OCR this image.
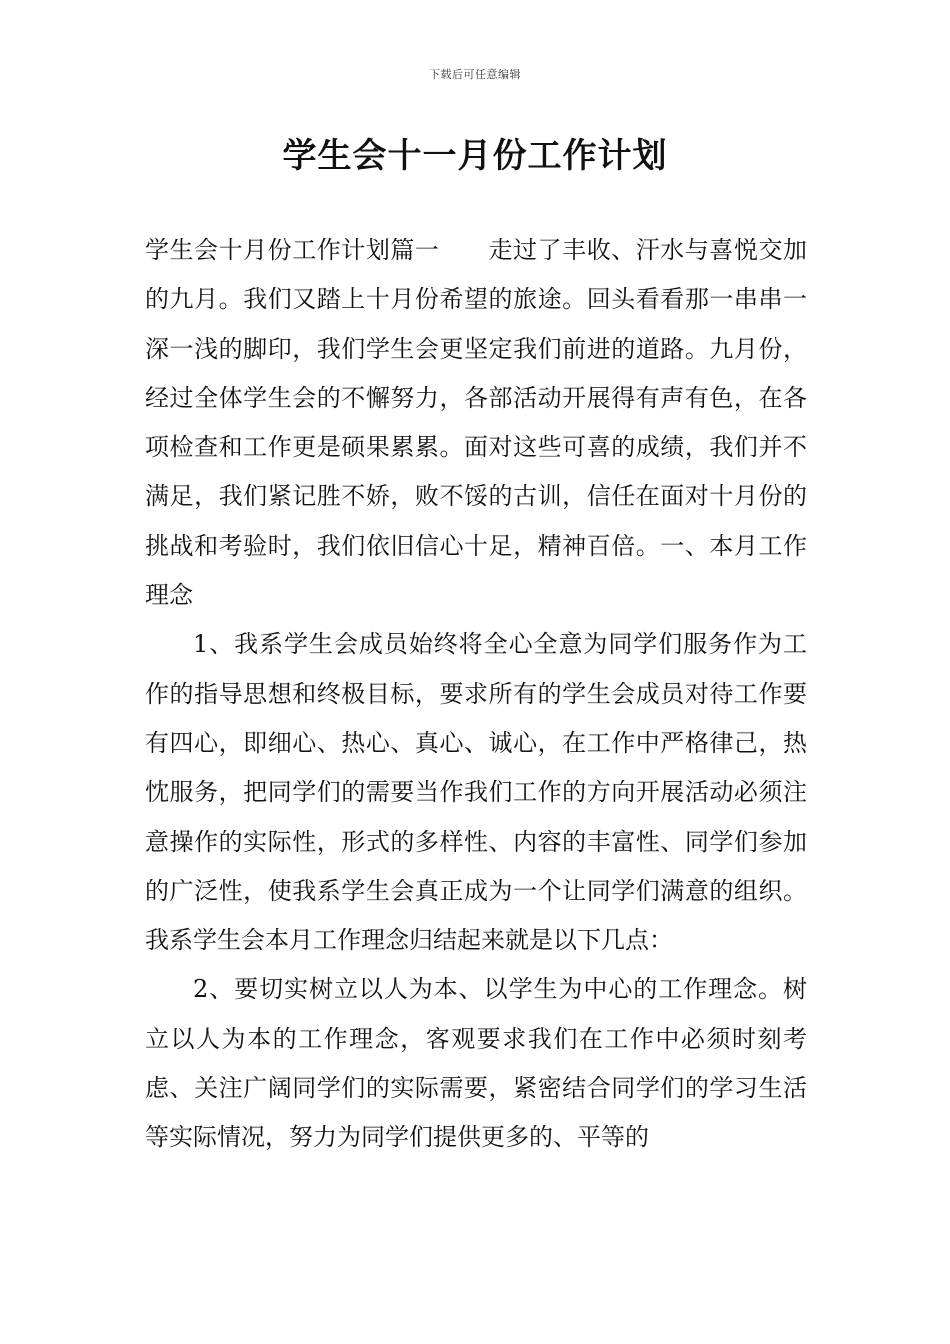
下载后可任意编辑
学生会十一月份工作计划

学生会十月份工作计划篇一　　走过了丰收、汗水与喜悦交加的九月。我们又踏上十月份希望的旅途。回头看看那一串串一深一浅的脚印，我们学生会更坚定我们前进的道路。九月份，经过全体学生会的不懈努力，各部活动开展得有声有色，在各项检查和工作更是硕果累累。面对这些可喜的成绩，我们并不满足，我们紧记胜不娇，败不馁的古训，信任在面对十月份的挑战和考验时，我们依旧信心十足，精神百倍。一、本月工作理念

1、我系学生会成员始终将全心全意为同学们服务作为工作的指导思想和终极目标，要求所有的学生会成员对待工作要有四心，即细心、热心、真心、诚心，在工作中严格律己，热忱服务，把同学们的需要当作我们工作的方向开展活动必须注意操作的实际性，形式的多样性、内容的丰富性、同学们参加的广泛性，使我系学生会真正成为一个让同学们满意的组织。我系学生会本月工作理念归结起来就是以下几点：

2、要切实树立以人为本、以学生为中心的工作理念。树立以人为本的工作理念，客观要求我们在工作中必须时刻考虑、关注广阔同学们的实际需要，紧密结合同学们的学习生活等实际情况，努力为同学们提供更多的、平等的
